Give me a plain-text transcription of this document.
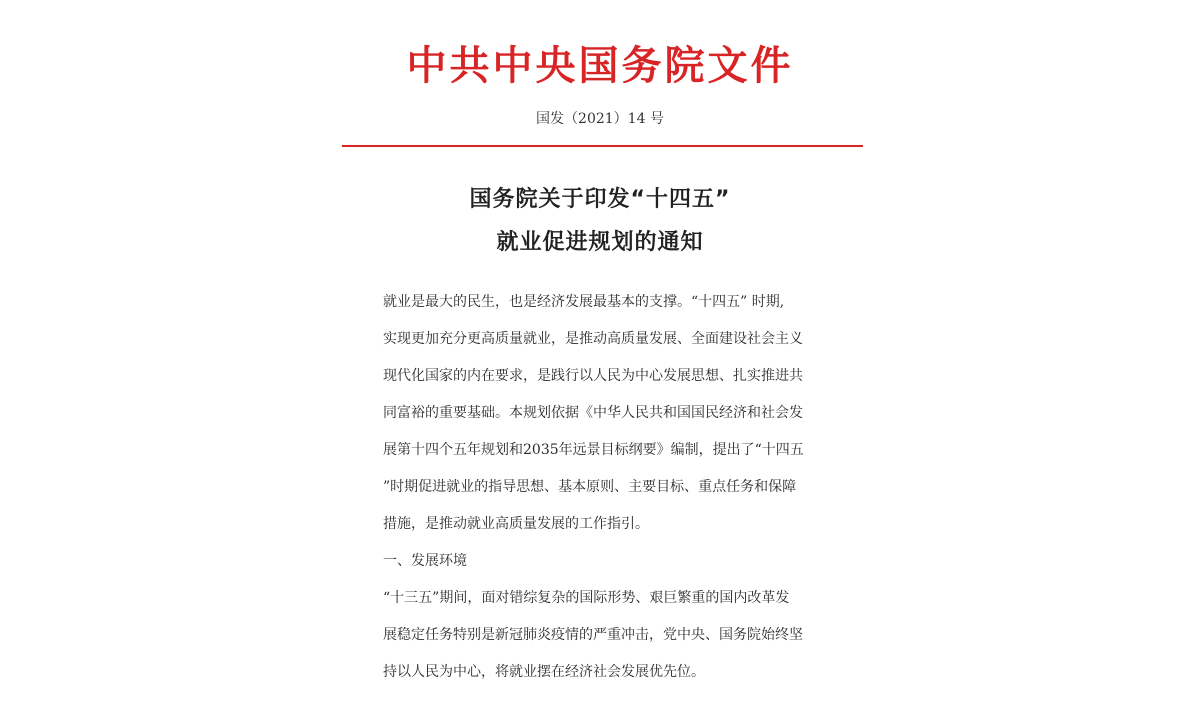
中共中央国务院文件
国发（2021）14 号
国务院关于印发“十四五”
就业促进规划的通知
就业是最大的民生，也是经济发展最基本的支撑。“十四五” 时期,
实现更加充分更高质量就业，是推动高质量发展、全面建设社会主义
现代化国家的内在要求，是践行以人民为中心发展思想、扎实推进共
同富裕的重要基础。本规划依据《中华人民共和国国民经济和社会发
展第十四个五年规划和2035年远景目标纲要》编制，提出了“十四五
”时期促进就业的指导思想、基本原则、主要目标、重点任务和保障
措施，是推动就业高质量发展的工作指引。
一、发展环境
“十三五”期间，面对错综复杂的国际形势、艰巨繁重的国内改革发
展稳定任务特别是新冠肺炎疫情的严重冲击，党中央、国务院始终坚
持以人民为中心，将就业摆在经济社会发展优先位。
